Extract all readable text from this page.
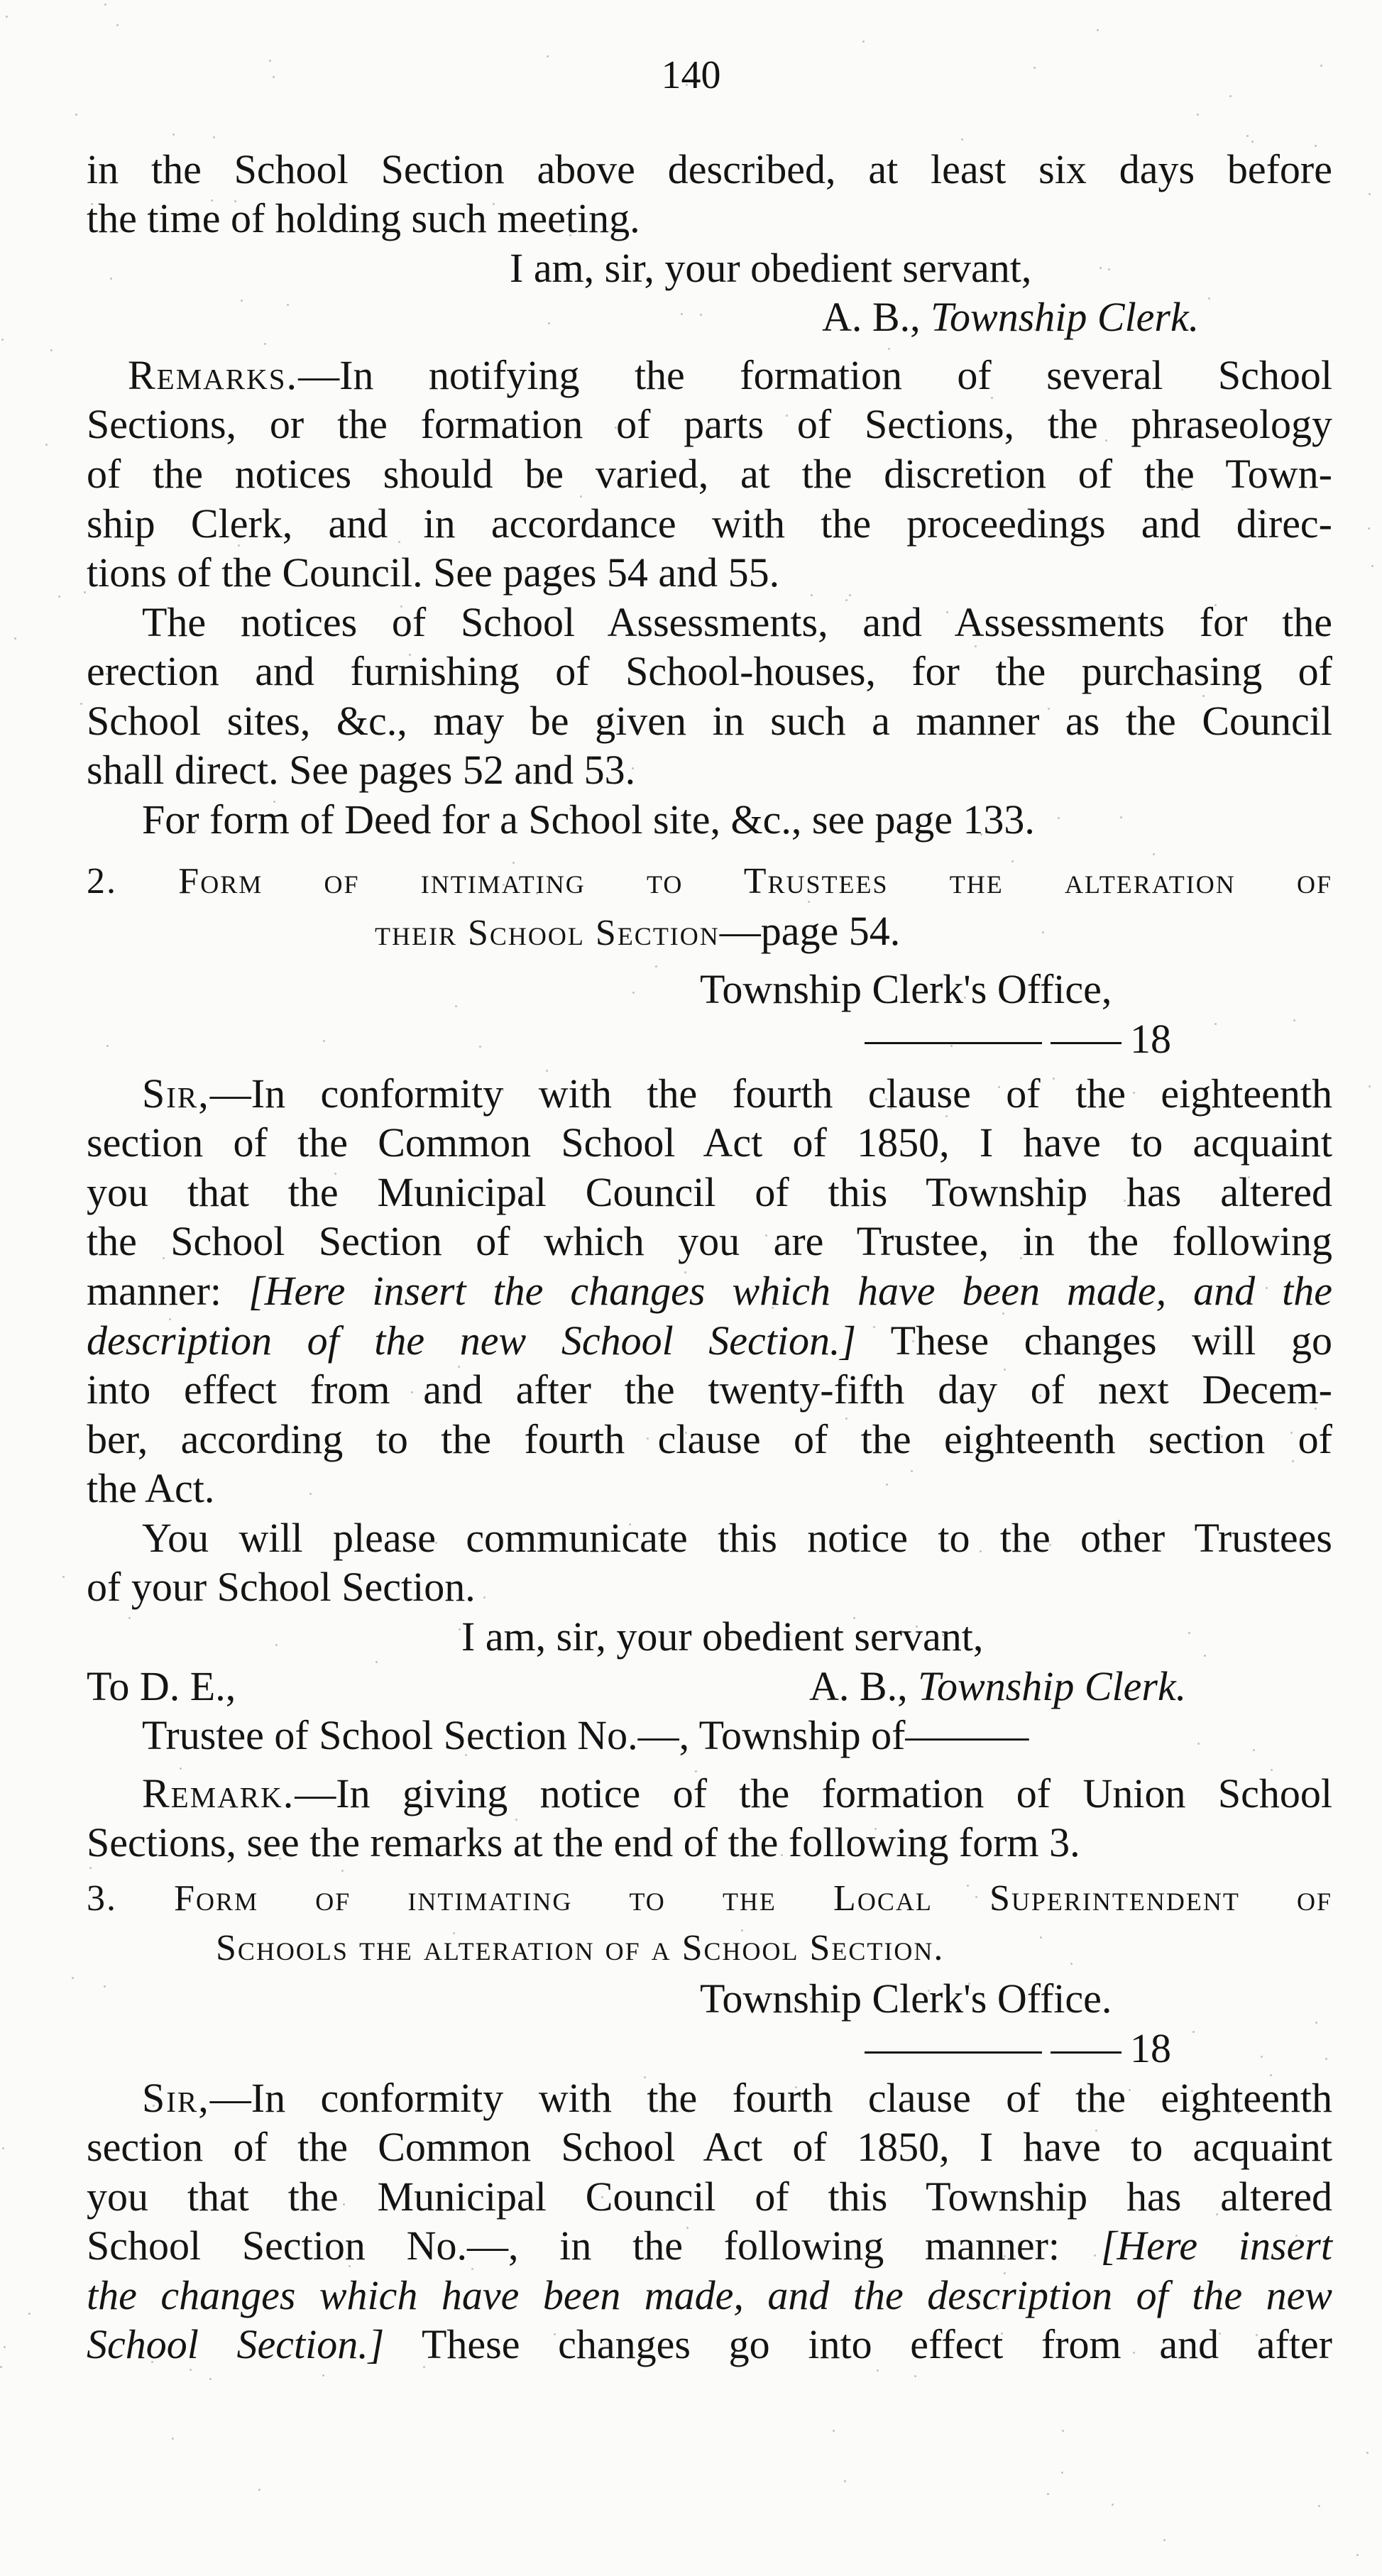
140
in the School Section above described, at least six days before
the time of holding such meeting.
I am, sir, your obedient servant,
A. B., Township Clerk.
Remarks.—In notifying the formation of several School
Sections, or the formation of parts of Sections, the phraseology
of the notices should be varied, at the discretion of the Town-
ship Clerk, and in accordance with the proceedings and direc-
tions of the Council. See pages 54 and 55.
The notices of School Assessments, and Assessments for the
erection and furnishing of School-houses, for the purchasing of
School sites, &c., may be given in such a manner as the Council
shall direct. See pages 52 and 53.
For form of Deed for a School site, &c., see page 133.
2. Form of intimating to Trustees the alteration of
their School Section—page 54.
Township Clerk's Office,
18
Sir,—In conformity with the fourth clause of the eighteenth
section of the Common School Act of 1850, I have to acquaint
you that the Municipal Council of this Township has altered
the School Section of which you are Trustee, in the following
manner: [Here insert the changes which have been made, and the
description of the new School Section.] These changes will go
into effect from and after the twenty-fifth day of next Decem-
ber, according to the fourth clause of the eighteenth section of
the Act.
You will please communicate this notice to the other Trustees
of your School Section.
I am, sir, your obedient servant,
To D. E.,	A. B., Township Clerk.
Trustee of School Section No.—, Township of———
Remark.—In giving notice of the formation of Union School
Sections, see the remarks at the end of the following form 3.
3. Form of intimating to the Local Superintendent of
Schools the alteration of a School Section.
Township Clerk's Office.
18
Sir,—In conformity with the fourth clause of the eighteenth
section of the Common School Act of 1850, I have to acquaint
you that the Municipal Council of this Township has altered
School Section No.—, in the following manner: [Here insert
the changes which have been made, and the description of the new
School Section.] These changes go into effect from and after
